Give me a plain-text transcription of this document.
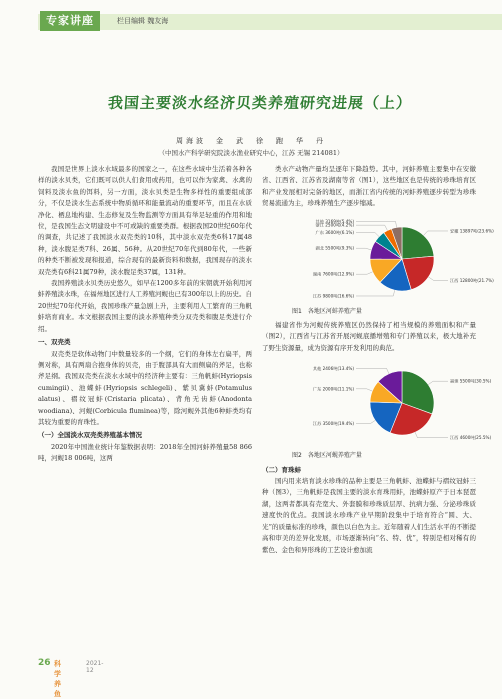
专家讲座	栏目编辑 魏友海
我国主要淡水经济贝类养殖研究进展（上）
周海波　金　武　徐　跑　华　丹
（中国水产科学研究院淡水渔业研究中心，江苏 无锡 214081）

我国是世界上淡水水域最多的国家之一，在这些水域中生活着各种各样的淡水贝类，它们既可以供人们食用或药用，也可以作为家禽、水禽的饲料及淡水鱼的饵料，另一方面，淡水贝类是生物多样性的重要组成部分，不仅是淡水生态系统中物质循环和能量流动的重要环节，而且在水质净化、栖息地构建、生态修复及生物监测等方面具有举足轻重的作用和地位，是我国生态文明建设中不可或缺的重要类群。根据我国20世纪60年代的调查，共记述了我国淡水双壳类的10科，其中淡水双壳类6科17属48种，淡水腹足类7科、26属、56种。从20世纪70年代到80年代，一些新的种类不断被发现和报道，综合现有的最新资料和数据，我国现存的淡水双壳类有6科21属79种，淡水腹足类37属，131种。

我国养殖淡水贝类历史悠久，如早在1200多年前的宋朝就开始利用河蚌养殖淡水珠，在福州地区进行人工养殖河蚬也已有300年以上的历史。自20世纪70年代开始，我国珍珠产量急剧上升，主要利用人工繁育的三角帆蚌培育商业。本文根据我国主要的淡水养殖种类分双壳类和腹足类进行介绍。

一、双壳类

双壳类是软体动物门中数量较多的一个纲，它们的身体左右扁平，两侧对称，具有两扇合抱身体的贝壳，由于腹部具有大而侧扁的斧足，也称斧足纲。我国双壳类在淡水水域中的经济种主要有：三角帆蚌(Hyriopsis cumingii)、池蝶蚌(Hyriopsis schlegeli)、紫贝冀蚌(Potamulus alatus)、褶纹冠蚌(Cristaria plicata)、背角无齿蚌(Anodonta woodiana)、河蚬(Corbicula fluminea)等，除河蚬外其他6种蚌类均有其较为重要的育珠性。

（一）全国淡水双壳类养殖基本情况

2020年中国渔业统计年鉴数据表明：2018年全国河蚌养殖量58 866吨，河蚬18 006吨，这两

类水产动物产量均呈逐年下降趋势。其中，河蚌养殖主要集中在安徽省、江西省、江苏省及湖南等省（图1），这些地区也是传统的珍珠培育区和产业发展相对完备的地区，而浙江省内传统的河蚌养殖逐步转型为珍珠贸易流通为主，珍珠养殖生产逐步缩减。

安徽 13897吨(23.6%)
江西 12800吨(21.7%)
江苏 9800吨(16.6%)
湖南 7600吨(12.9%)
湖北 5500吨(9.3%)
广东 3600吨(6.1%)
浙江 2500吨(4.2%)
其他 3169吨(5.4%)
图1　各地区河蚌养殖产量

福建省作为河蚬传统养殖区仍然保持了相当规模的养殖面积和产量（图2），江西省与江苏省开展河蚬底播增殖和专门养殖以来，极大地补充了野生资源量，成为资源有序开发利用的典范。

福建 5500吨(30.5%)
江西 4600吨(25.5%)
江苏 3500吨(19.4%)
广东 2000吨(11.1%)
其他 2406吨(13.4%)
图2　各地区河蚬养殖产量

（二）育珠蚌

国内用来培育淡水珍珠的品种主要是三角帆蚌、池蝶蚌与褶纹冠蚌三种（图3），三角帆蚌是我国主要的淡水育珠用蚌，池蝶蚌原产于日本琵琶湖，这两者都具有壳宽大、外套膜和珍珠质层厚、抗病力强、分泌珍珠质速度快的优点。我国淡水珍珠产业早期阶段集中于培育符合“圆、大、光”的质量标准的珍珠，颜色以白色为主。近年随着人们生活水平的不断提高和审美的差异化发展，市场逐渐转向“名、特、优”，特别是相对稀有的紫色、金色和异形珠的工艺设计愈加流

26 科学养鱼
2021-12
